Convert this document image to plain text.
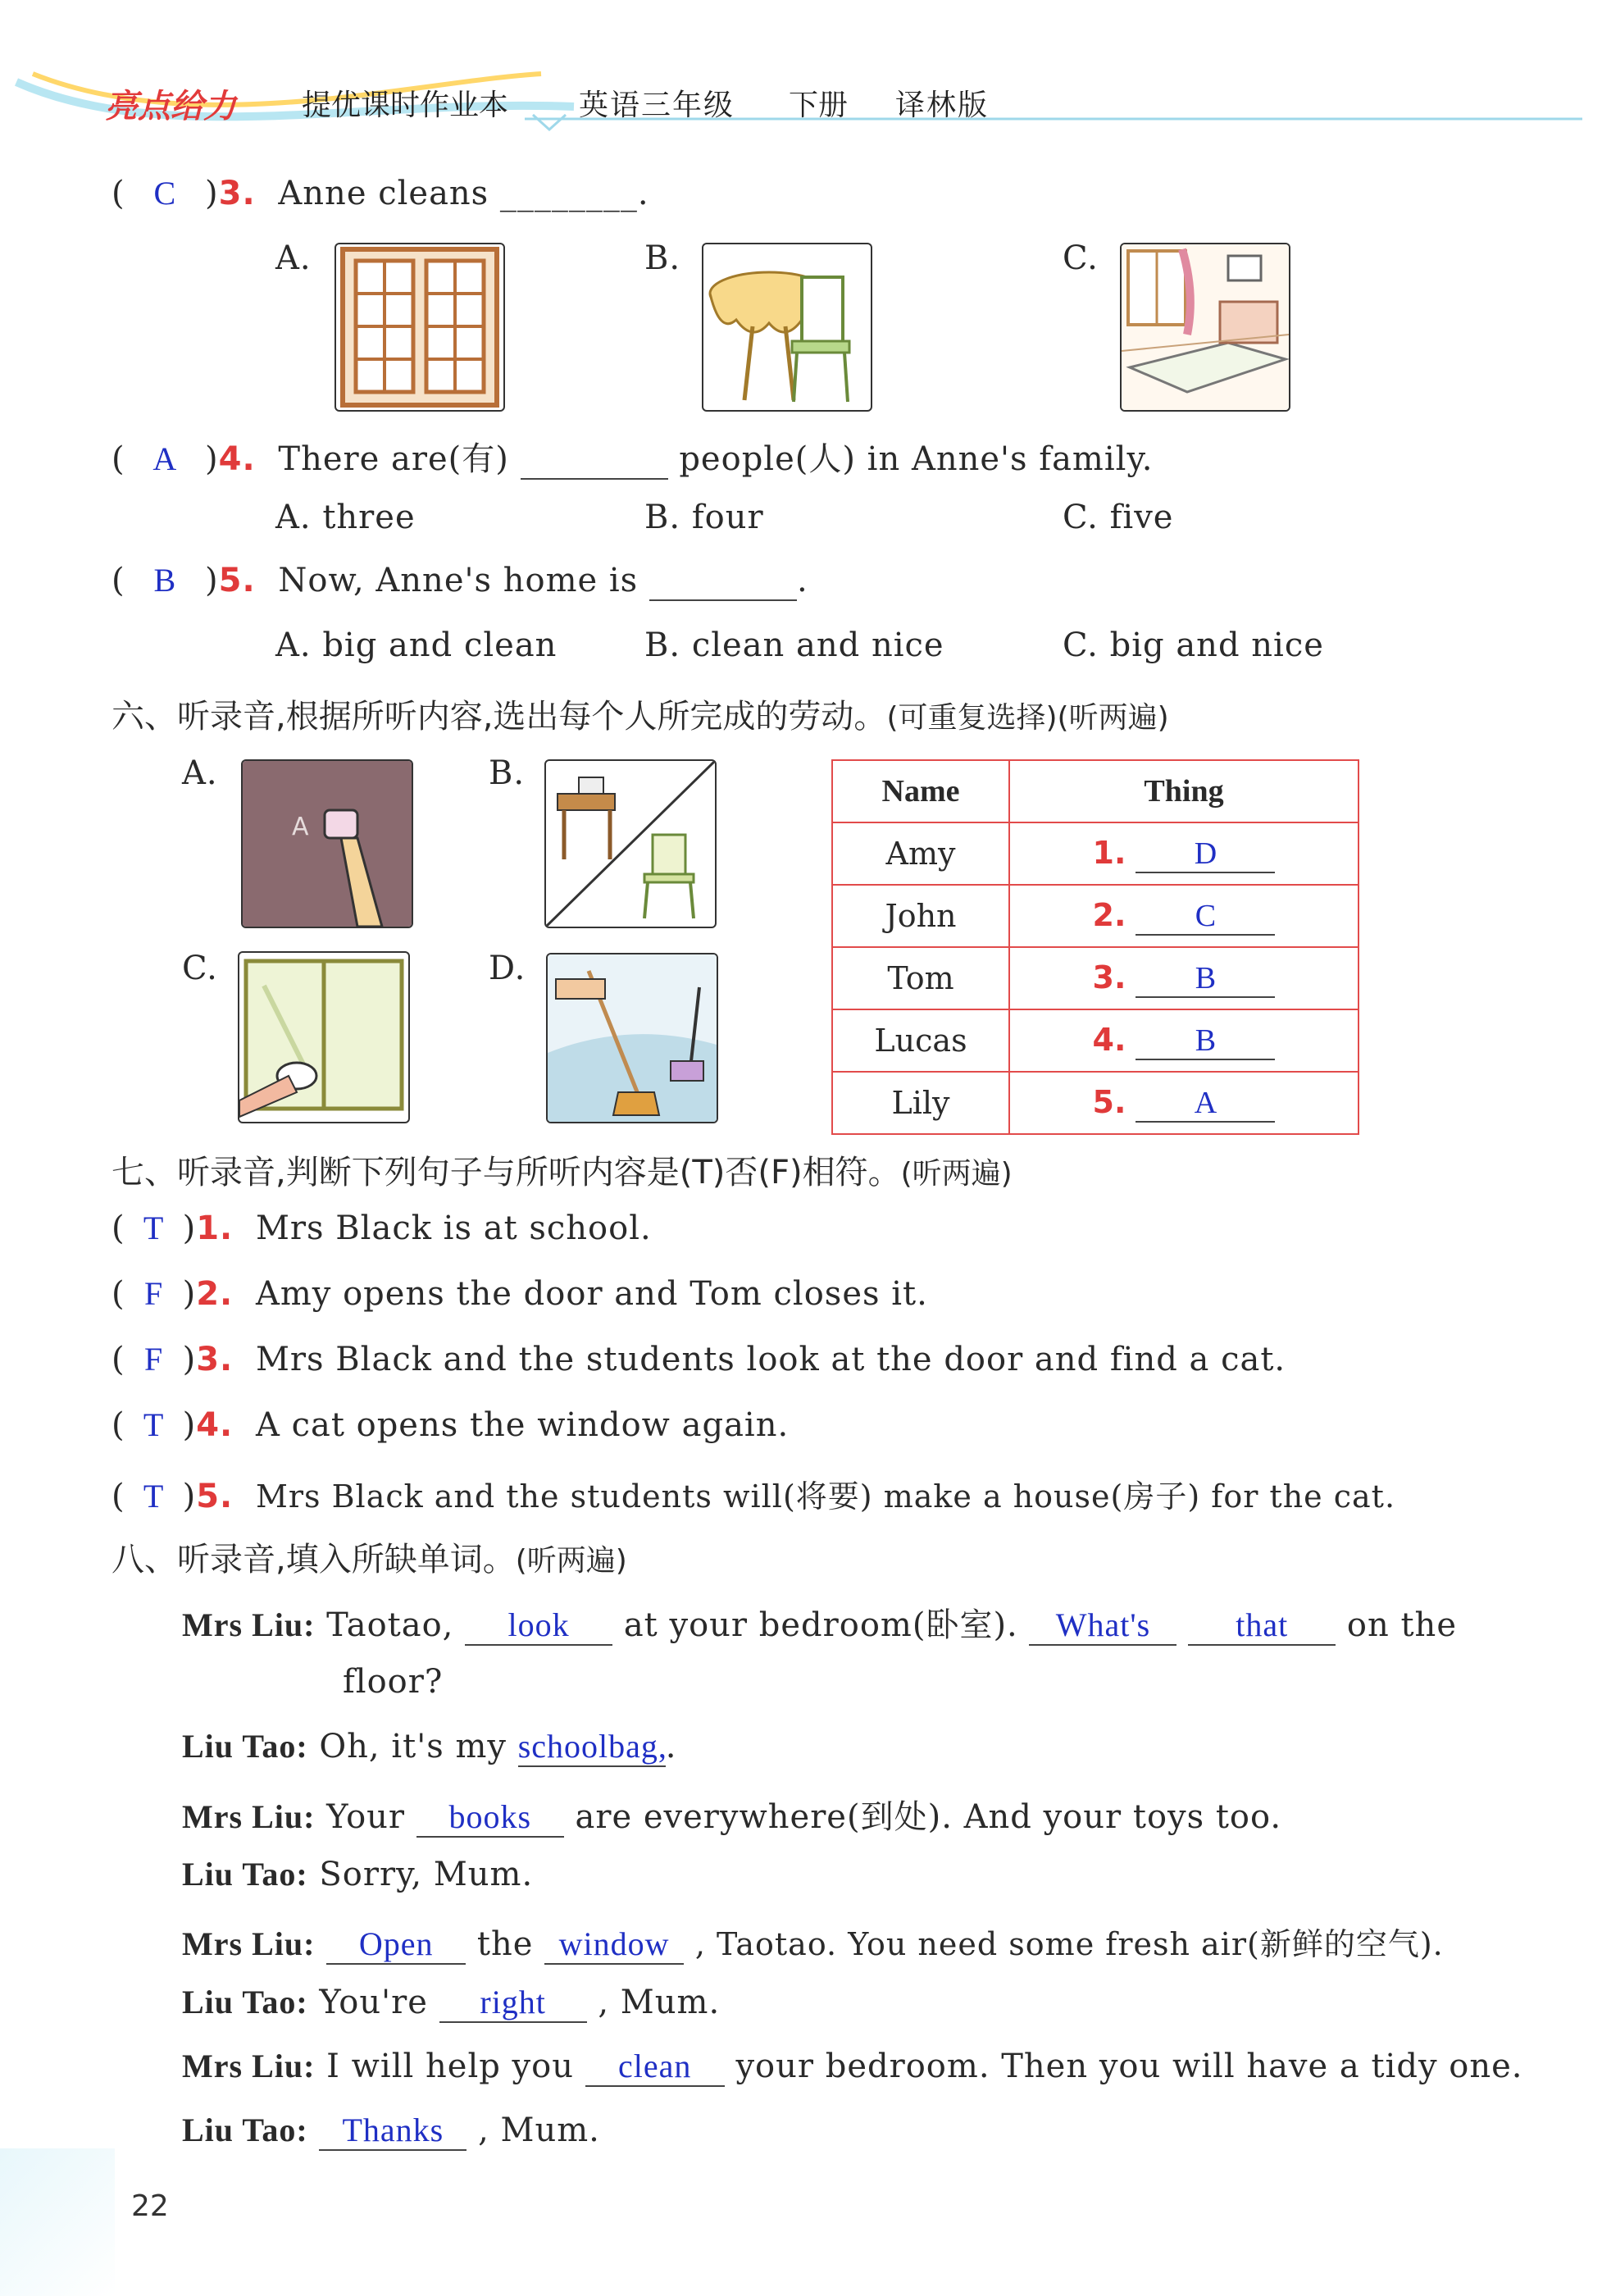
亮点给力 提优课时作业本 英语三年级 下册 译林版
( C )3. Anne cleans ________.
A.	B.	C.
( A )4. There are(有)	people(人) in Anne's family.
A. three	B. four	C. five
( B )5. Now, Anne's home is	.
A. big and clean	B. clean and nice	C. big and nice
六、听录音,根据所听内容,选出每个人所完成的劳动。(可重复选择)(听两遍)
A.	B.
C.	D.
A
Name	Thing
Amy	1. D
John	2. C
Tom	3. B
Lucas	4. B
Lily	5. A
七、听录音,判断下列句子与所听内容是(T)否(F)相符。(听两遍)
( T )1. Mrs Black is at school.
( F )2. Amy opens the door and Tom closes it.
( F )3. Mrs Black and the students look at the door and find a cat.
( T )4. A cat opens the window again.
( T )5. Mrs Black and the students will(将要) make a house(房子) for the cat.
八、听录音,填入所缺单词。(听两遍)
Mrs Liu: Taotao, look at your bedroom(卧室). What's	that on the
floor?
Liu Tao: Oh, it's my schoolbag,.
Mrs Liu: Your books are everywhere(到处). And your toys too.
Liu Tao: Sorry, Mum.
Mrs Liu: Open the window , Taotao. You need some fresh air(新鲜的空气).
Liu Tao: You're right , Mum.
Mrs Liu: I will help you clean your bedroom. Then you will have a tidy one.
Liu Tao: Thanks , Mum.
22
